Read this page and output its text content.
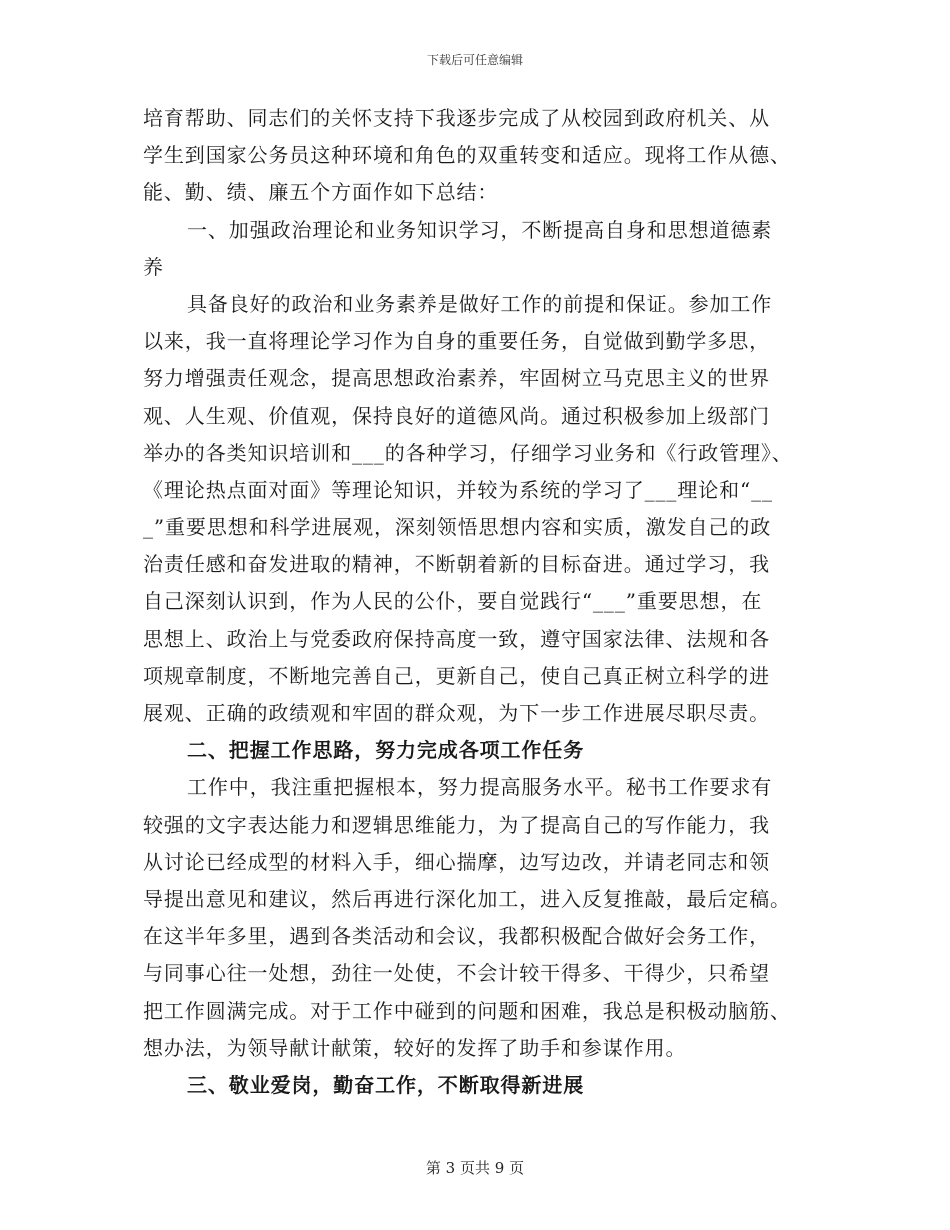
下载后可任意编辑
培育帮助、同志们的关怀支持下我逐步完成了从校园到政府机关、从
学生到国家公务员这种环境和角色的双重转变和适应。现将工作从德、
能、勤、绩、廉五个方面作如下总结：
一、加强政治理论和业务知识学习，不断提高自身和思想道德素
养
具备良好的政治和业务素养是做好工作的前提和保证。参加工作
以来，我一直将理论学习作为自身的重要任务，自觉做到勤学多思，
努力增强责任观念，提高思想政治素养，牢固树立马克思主义的世界
观、人生观、价值观，保持良好的道德风尚。通过积极参加上级部门
举办的各类知识培训和___的各种学习，仔细学习业务和《行政管理》、
《理论热点面对面》等理论知识，并较为系统的学习了___理论和“__
_”重要思想和科学进展观，深刻领悟思想内容和实质，激发自己的政
治责任感和奋发进取的精神，不断朝着新的目标奋进。通过学习，我
自己深刻认识到，作为人民的公仆，要自觉践行“___”重要思想，在
思想上、政治上与党委政府保持高度一致，遵守国家法律、法规和各
项规章制度，不断地完善自己，更新自己，使自己真正树立科学的进
展观、正确的政绩观和牢固的群众观，为下一步工作进展尽职尽责。
二、把握工作思路，努力完成各项工作任务
工作中，我注重把握根本，努力提高服务水平。秘书工作要求有
较强的文字表达能力和逻辑思维能力，为了提高自己的写作能力，我
从讨论已经成型的材料入手，细心揣摩，边写边改，并请老同志和领
导提出意见和建议，然后再进行深化加工，进入反复推敲，最后定稿。
在这半年多里，遇到各类活动和会议，我都积极配合做好会务工作，
与同事心往一处想，劲往一处使，不会计较干得多、干得少，只希望
把工作圆满完成。对于工作中碰到的问题和困难，我总是积极动脑筋、
想办法，为领导献计献策，较好的发挥了助手和参谋作用。
三、敬业爱岗，勤奋工作，不断取得新进展
第 3 页共 9 页
